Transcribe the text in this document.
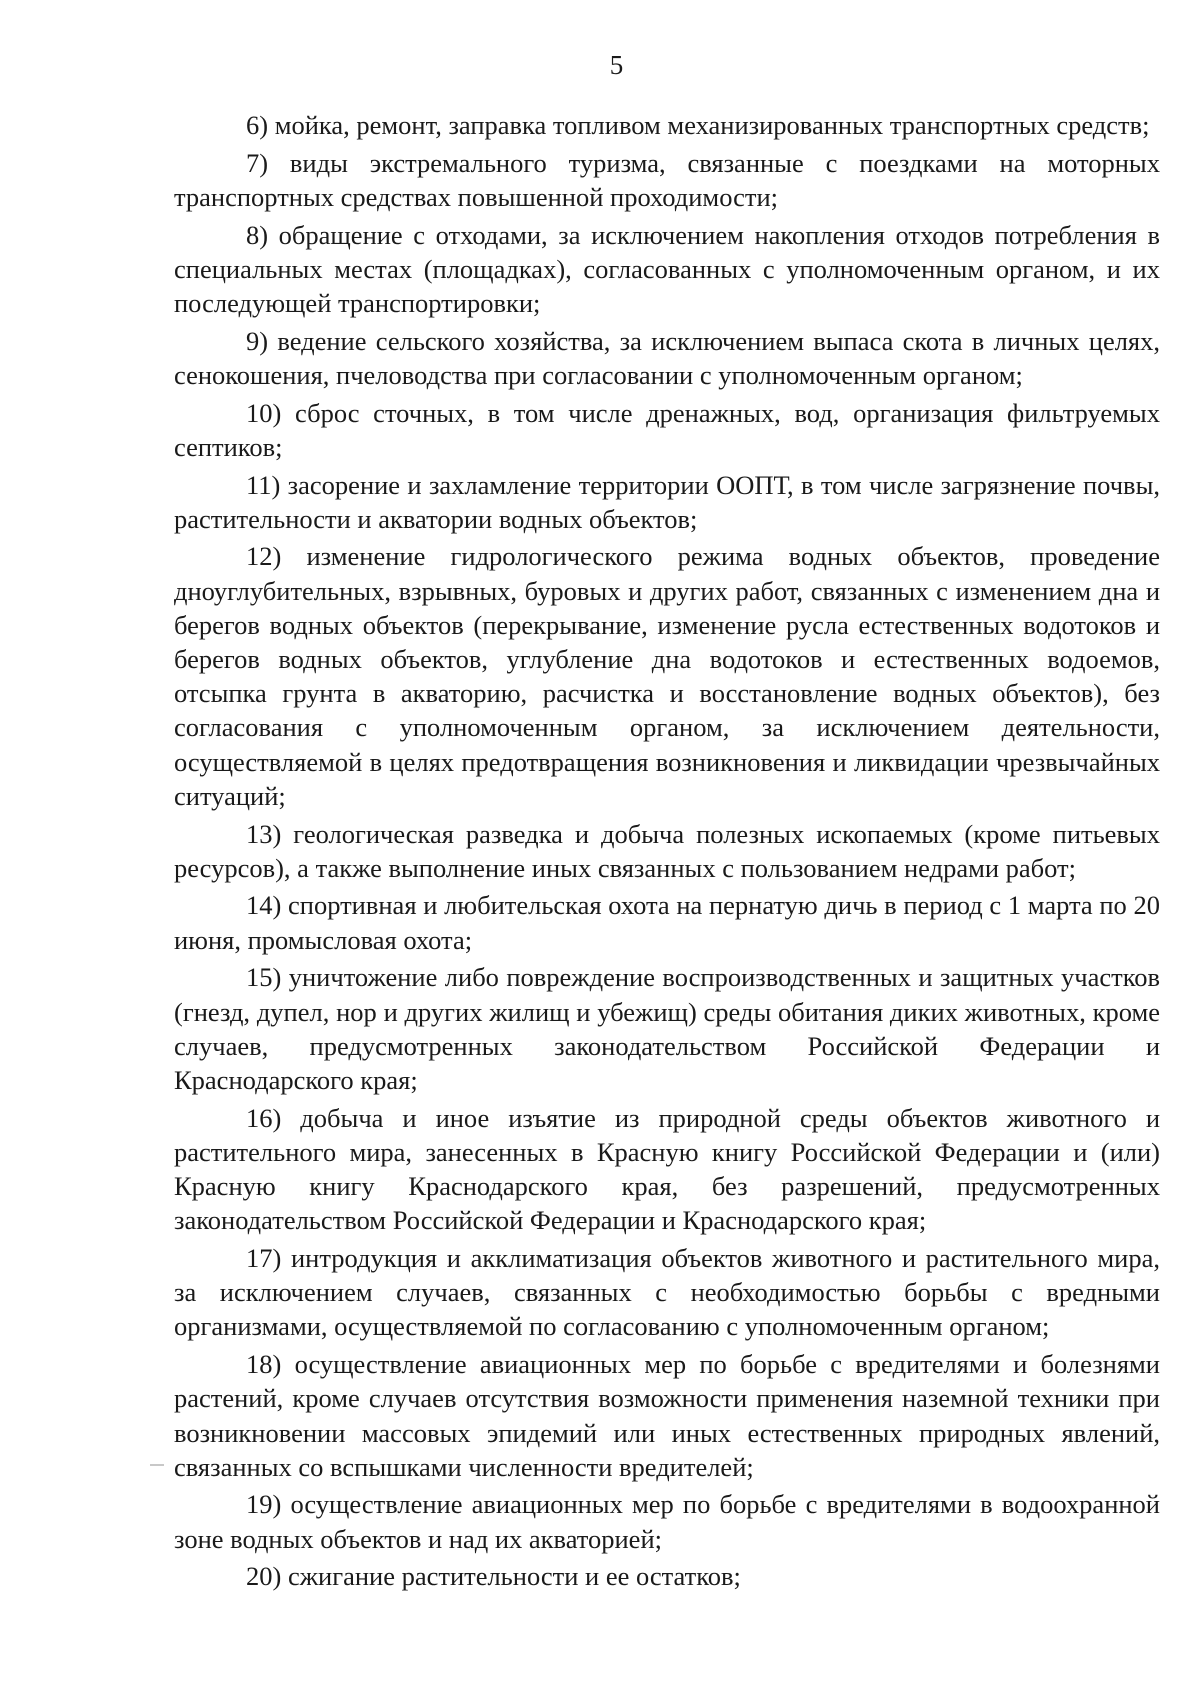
5

6) мойка, ремонт, заправка топливом механизированных транспортных средств;

7) виды экстремального туризма, связанные с поездками на моторных транспортных средствах повышенной проходимости;

8) обращение с отходами, за исключением накопления отходов потребления в специальных местах (площадках), согласованных с уполномоченным органом, и их последующей транспортировки;

9) ведение сельского хозяйства, за исключением выпаса скота в личных целях, сенокошения, пчеловодства при согласовании с уполномоченным органом;

10) сброс сточных, в том числе дренажных, вод, организация фильтруемых септиков;

11) засорение и захламление территории ООПТ, в том числе загрязнение почвы, растительности и акватории водных объектов;

12) изменение гидрологического режима водных объектов, проведение дноуглубительных, взрывных, буровых и других работ, связанных с изменением дна и берегов водных объектов (перекрывание, изменение русла естественных водотоков и берегов водных объектов, углубление дна водотоков и естественных водоемов, отсыпка грунта в акваторию, расчистка и восстановление водных объектов), без согласования с уполномоченным органом, за исключением деятельности, осуществляемой в целях предотвращения возникновения и ликвидации чрезвычайных ситуаций;

13) геологическая разведка и добыча полезных ископаемых (кроме питьевых ресурсов), а также выполнение иных связанных с пользованием недрами работ;

14) спортивная и любительская охота на пернатую дичь в период с 1 марта по 20 июня, промысловая охота;

15) уничтожение либо повреждение воспроизводственных и защитных участков (гнезд, дупел, нор и других жилищ и убежищ) среды обитания диких животных, кроме случаев, предусмотренных законодательством Российской Федерации и Краснодарского края;

16) добыча и иное изъятие из природной среды объектов животного и растительного мира, занесенных в Красную книгу Российской Федерации и (или) Красную книгу Краснодарского края, без разрешений, предусмотренных законодательством Российской Федерации и Краснодарского края;

17) интродукция и акклиматизация объектов животного и растительного мира, за исключением случаев, связанных с необходимостью борьбы с вредными организмами, осуществляемой по согласованию с уполномоченным органом;

18) осуществление авиационных мер по борьбе с вредителями и болезнями растений, кроме случаев отсутствия возможности применения наземной техники при возникновении массовых эпидемий или иных естественных природных явлений, связанных со вспышками численности вредителей;

19) осуществление авиационных мер по борьбе с вредителями в водоохранной зоне водных объектов и над их акваторией;

20) сжигание растительности и ее остатков;
